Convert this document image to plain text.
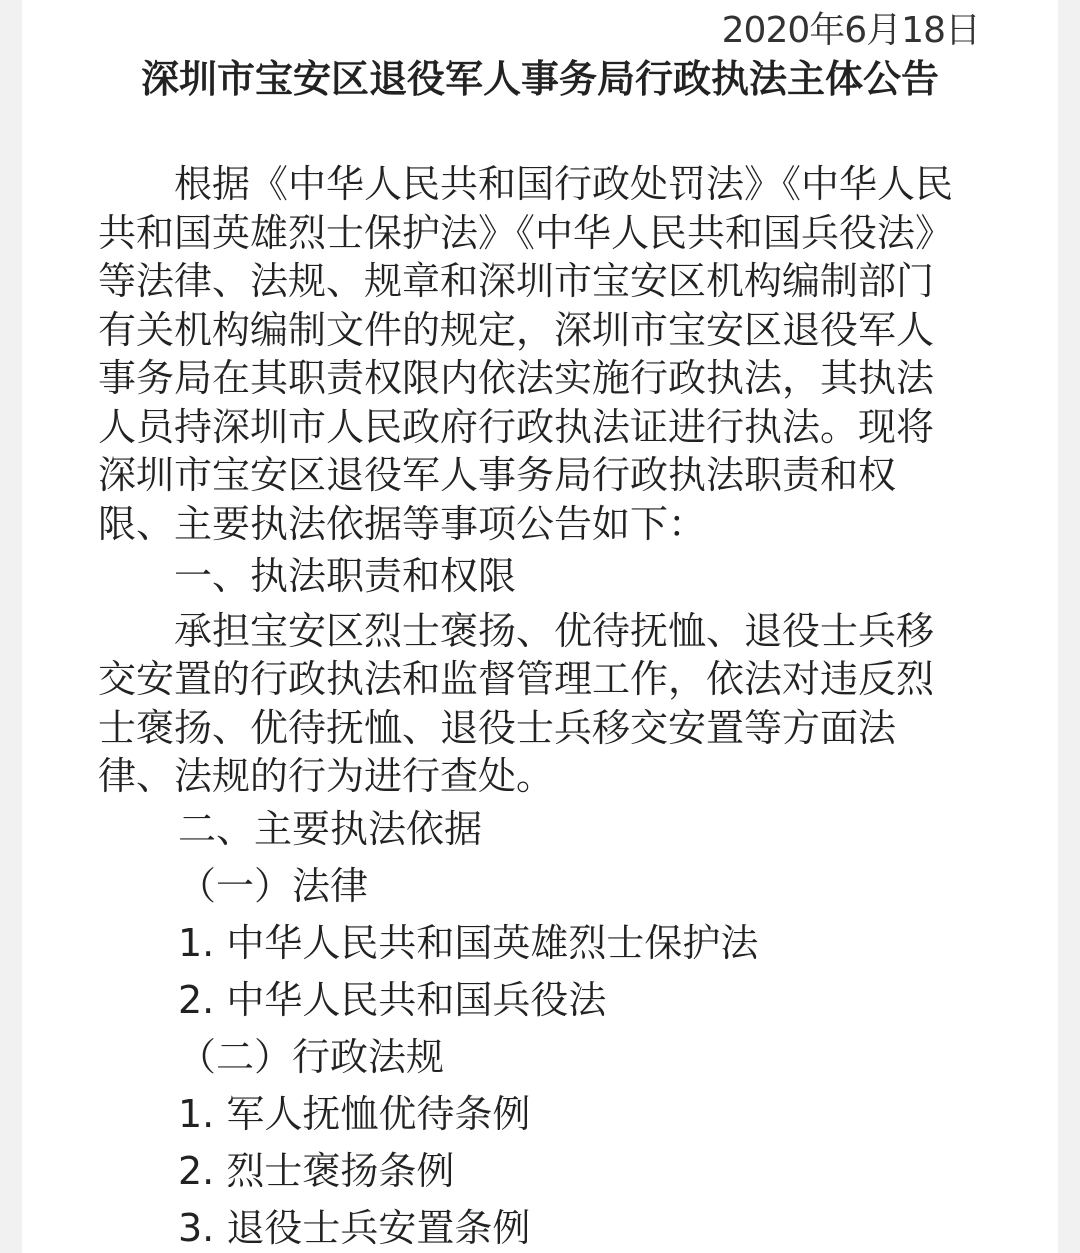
2020年6月18日
深圳市宝安区退役军人事务局行政执法主体公告

根据《中华人民共和国行政处罚法》《中华人民共和国英雄烈士保护法》《中华人民共和国兵役法》等法律、法规、规章和深圳市宝安区机构编制部门有关机构编制文件的规定，深圳市宝安区退役军人事务局在其职责权限内依法实施行政执法，其执法人员持深圳市人民政府行政执法证进行执法。现将深圳市宝安区退役军人事务局行政执法职责和权限、主要执法依据等事项公告如下：

一、执法职责和权限

承担宝安区烈士褒扬、优待抚恤、退役士兵移交安置的行政执法和监督管理工作，依法对违反烈士褒扬、优待抚恤、退役士兵移交安置等方面法律、法规的行为进行查处。

二、主要执法依据
（一）法律
1. 中华人民共和国英雄烈士保护法
2. 中华人民共和国兵役法
（二）行政法规
1. 军人抚恤优待条例
2. 烈士褒扬条例
3. 退役士兵安置条例
